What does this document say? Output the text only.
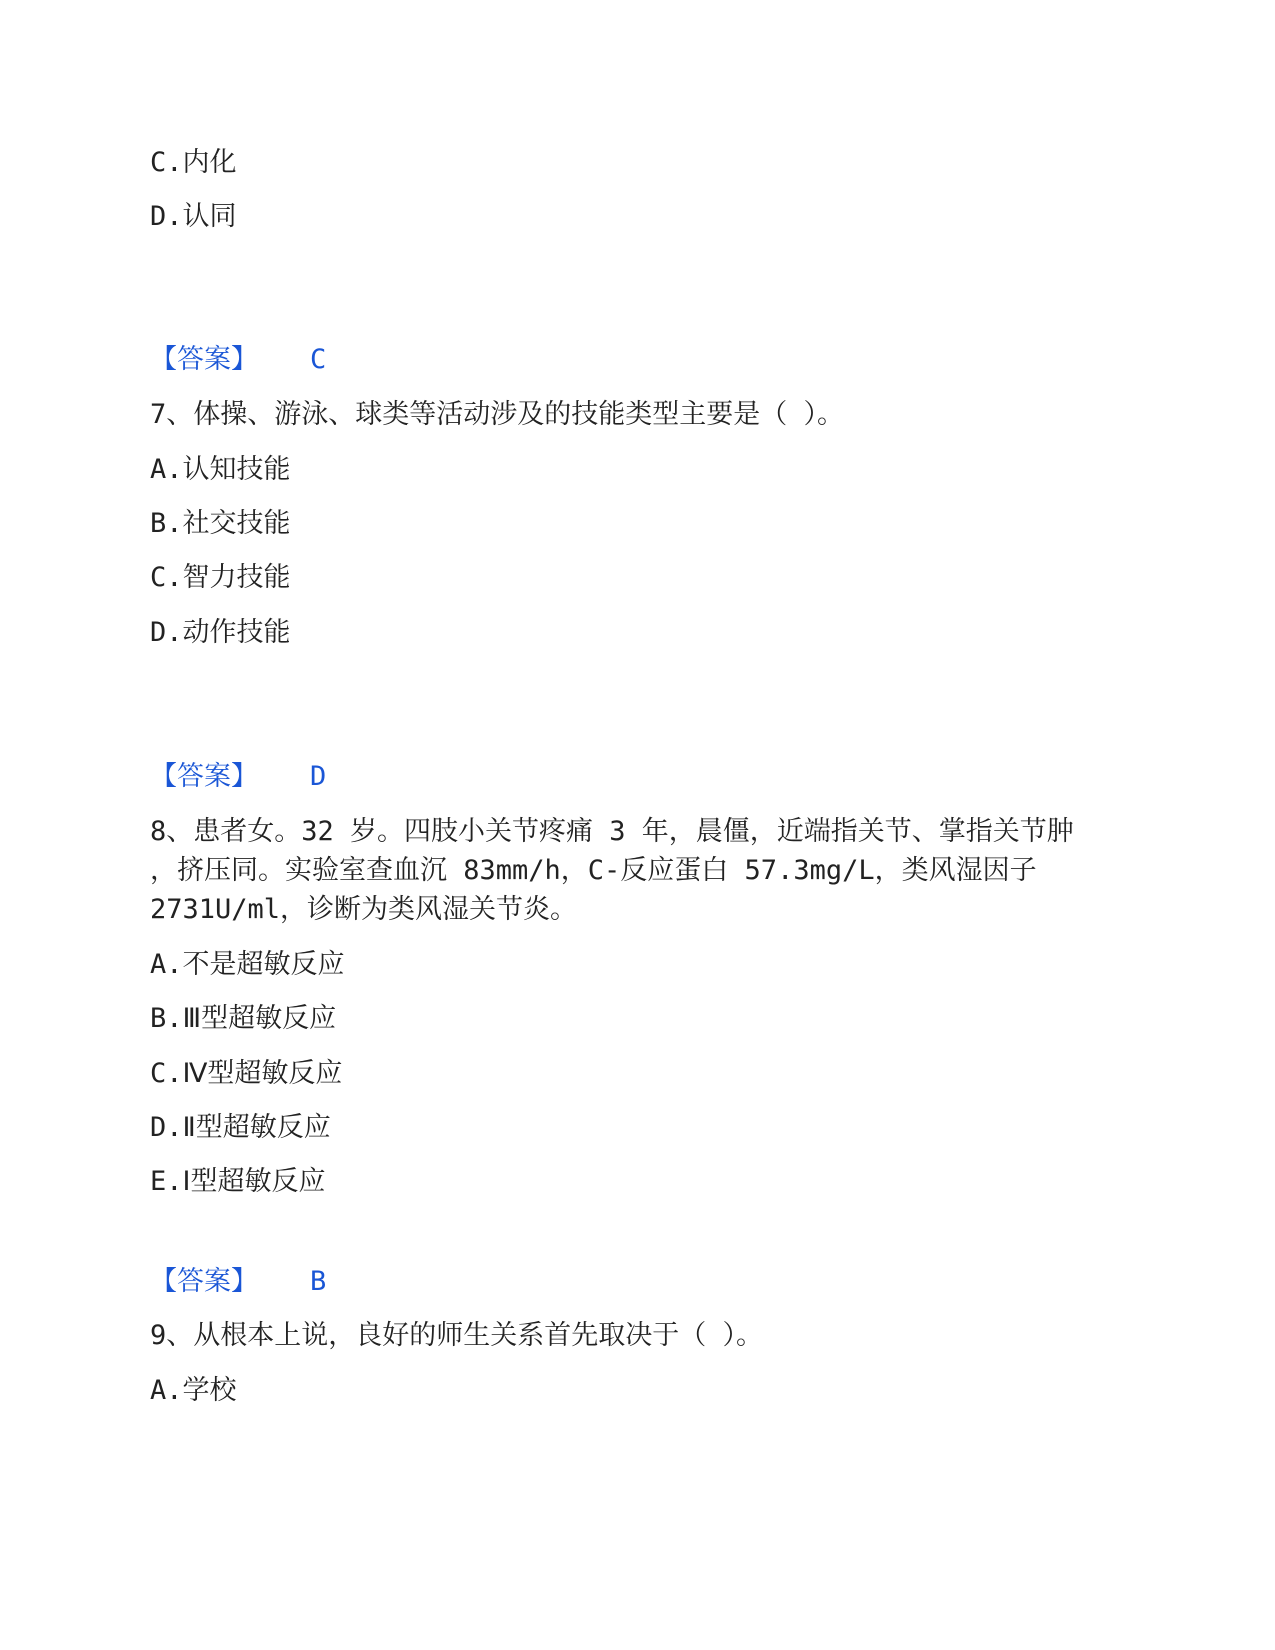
C.内化
D.认同
【答案】 C
7、体操、游泳、球类等活动涉及的技能类型主要是（ ）。
A.认知技能
B.社交技能
C.智力技能
D.动作技能
【答案】 D
8、患者女。32 岁。四肢小关节疼痛 3 年，晨僵，近端指关节、掌指关节肿
，挤压同。实验室查血沉 83mm/h，C-反应蛋白 57.3mg/L，类风湿因子
2731U/ml，诊断为类风湿关节炎。
A.不是超敏反应
B.Ⅲ型超敏反应
C.Ⅳ型超敏反应
D.Ⅱ型超敏反应
E.Ⅰ型超敏反应
【答案】 B
9、从根本上说，良好的师生关系首先取决于（ ）。
A.学校
